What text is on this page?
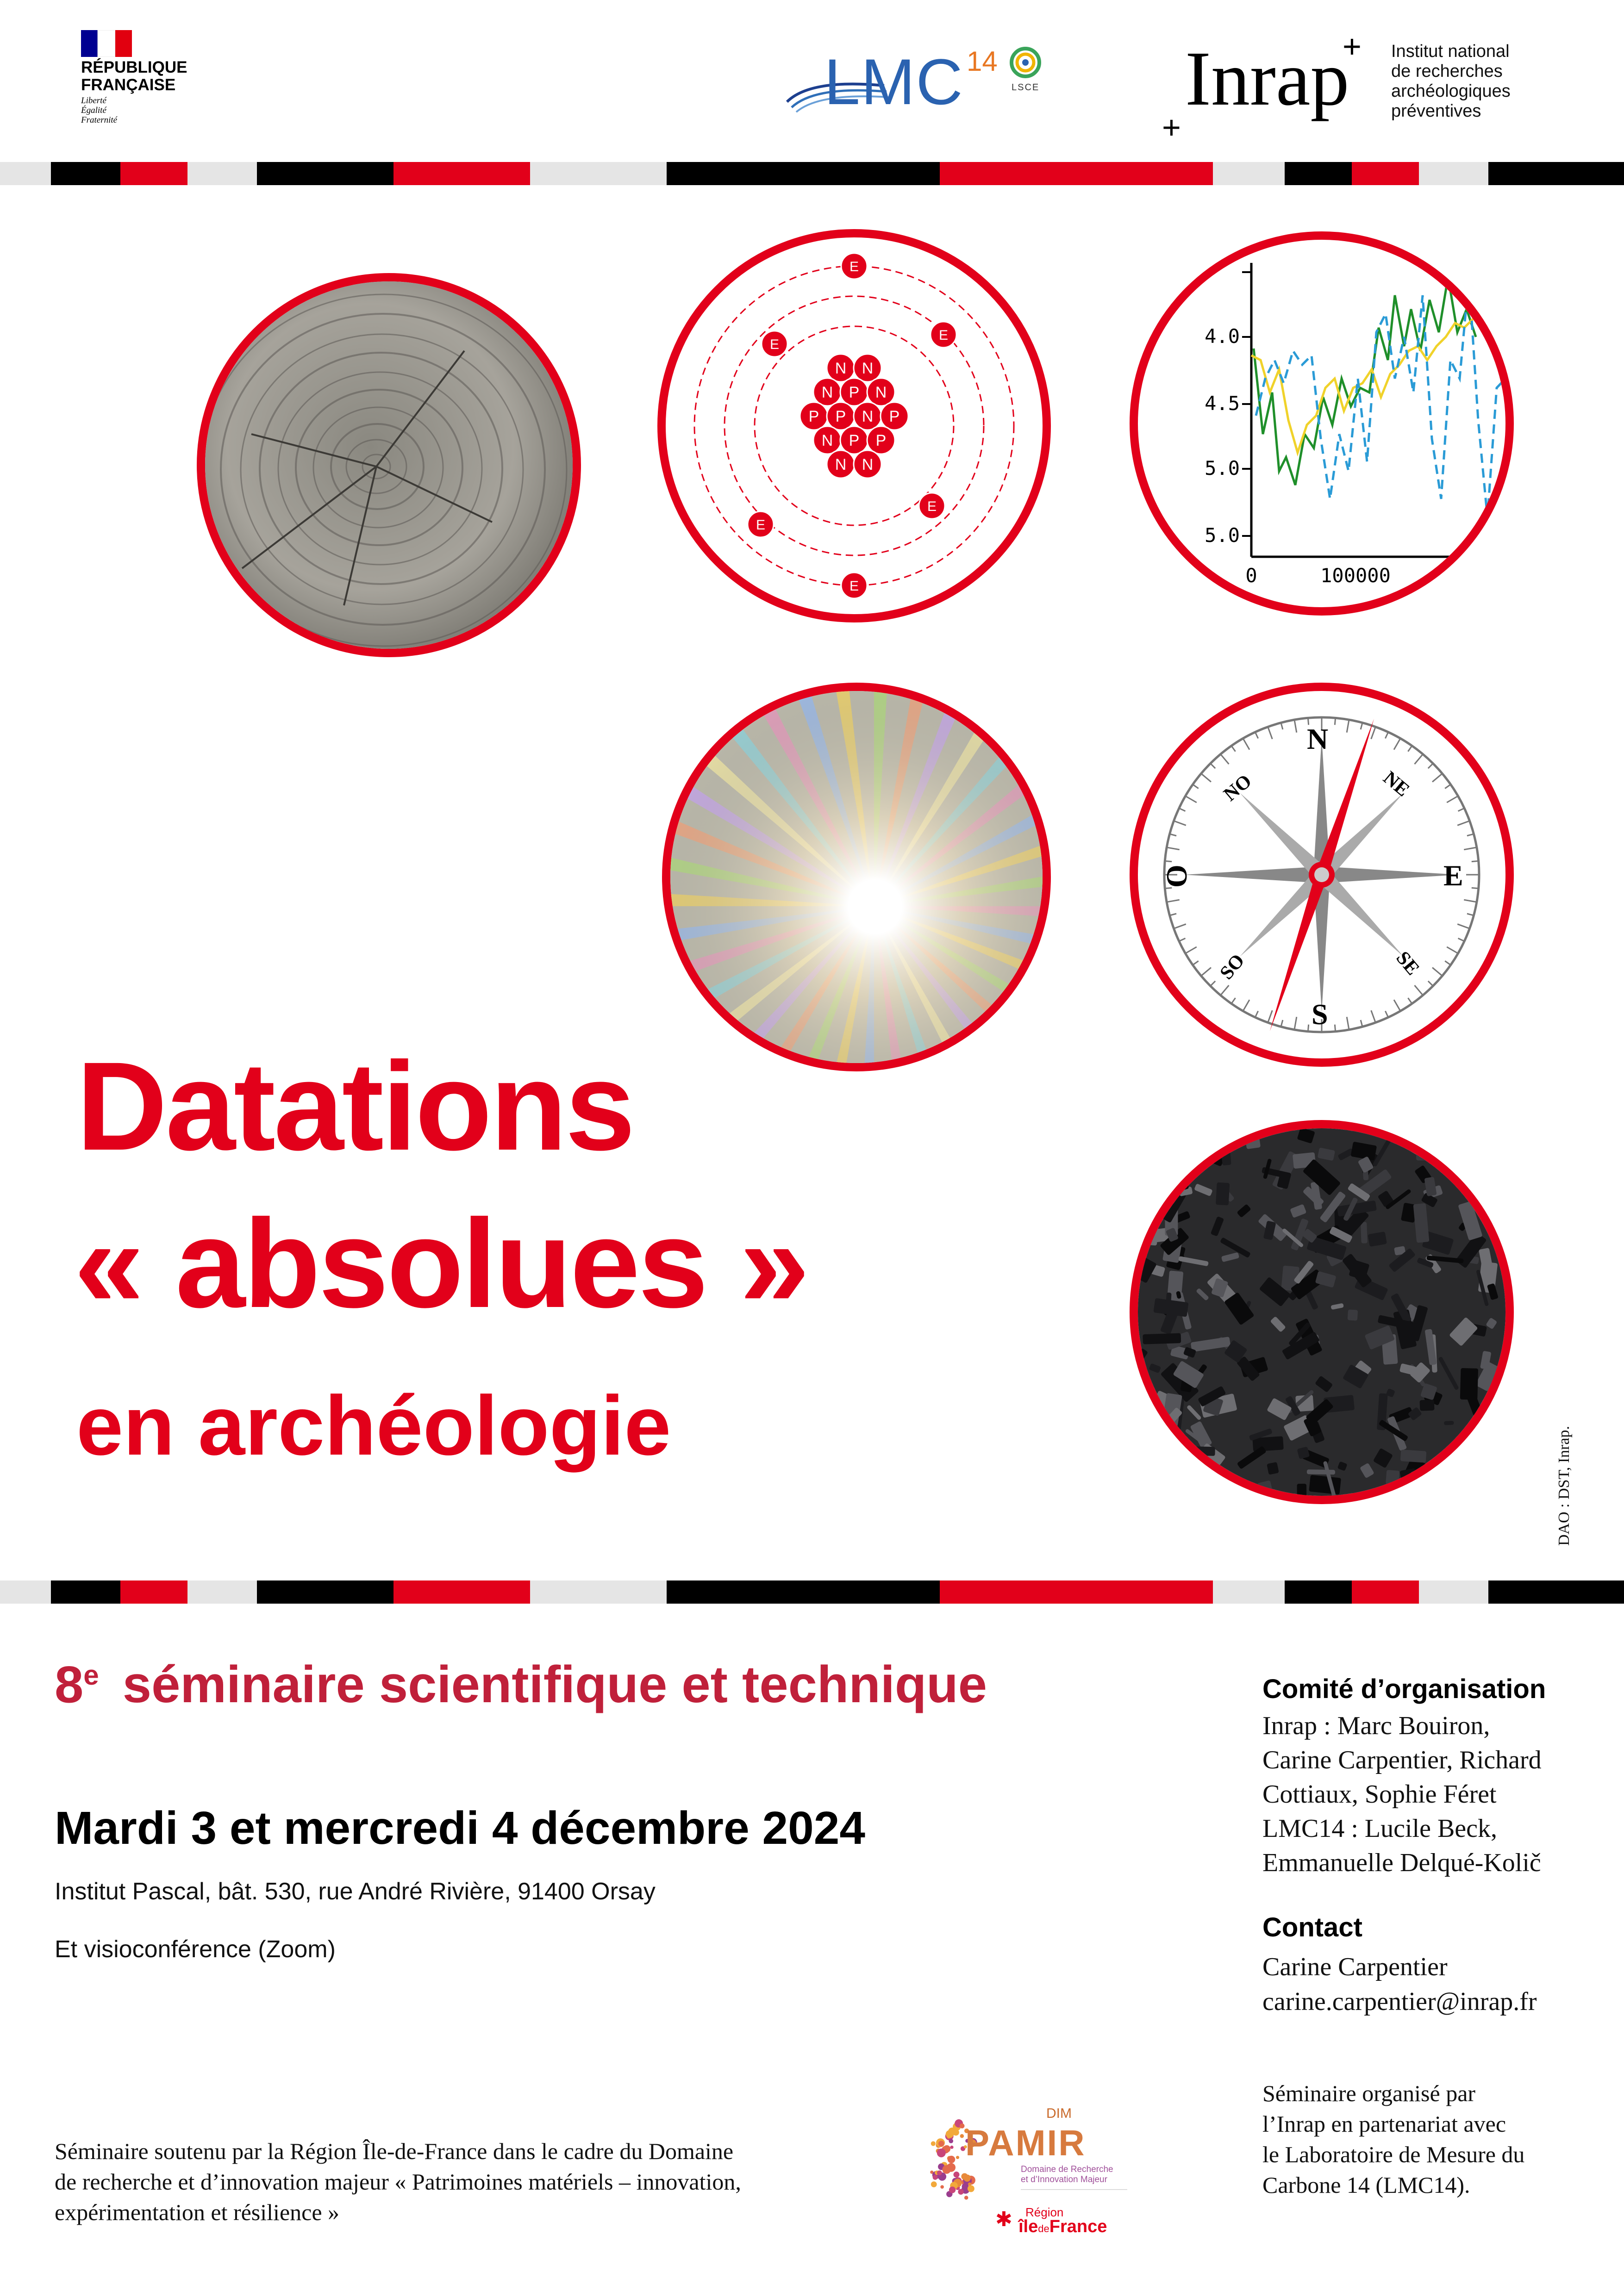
RÉPUBLIQUE
FRANÇAISE
Liberté
Égalité
Fraternité
LMC 14
LSCE Inrap
+
+
Institut national
de recherches
archéologiques
préventives
N N
N P N
P P N P
N P P
N N
E
E
E
E
E
E
4.0
4.5
5.0
5.0
0	100000 150
N
NE
E
SE
S
SO
O
NO
Datations
« absolues »
en archéologie
DAO : DST, Inrap.
8e séminaire scientifique et technique
Mardi 3 et mercredi 4 décembre 2024
Institut Pascal, bât. 530, rue André Rivière, 91400 Orsay
Et visioconférence (Zoom)
Comité d’organisation
Inrap : Marc Bouiron,
Carine Carpentier, Richard
Cottiaux, Sophie Féret
LMC14 : Lucile Beck,
Emmanuelle Delqué-Količ
Contact
Carine Carpentier
carine.carpentier@inrap.fr
Séminaire organisé par
l’Inrap en partenariat avec
le Laboratoire de Mesure du
Carbone 14 (LMC14).
Séminaire soutenu par la Région Île-de-France dans le cadre du Domaine
de recherche et d’innovation majeur « Patrimoines matériels – innovation,
expérimentation et résilience »
DIM
PAMIR
Domaine de Recherche
et d’Innovation Majeur
✱ Région
îledeFrance
